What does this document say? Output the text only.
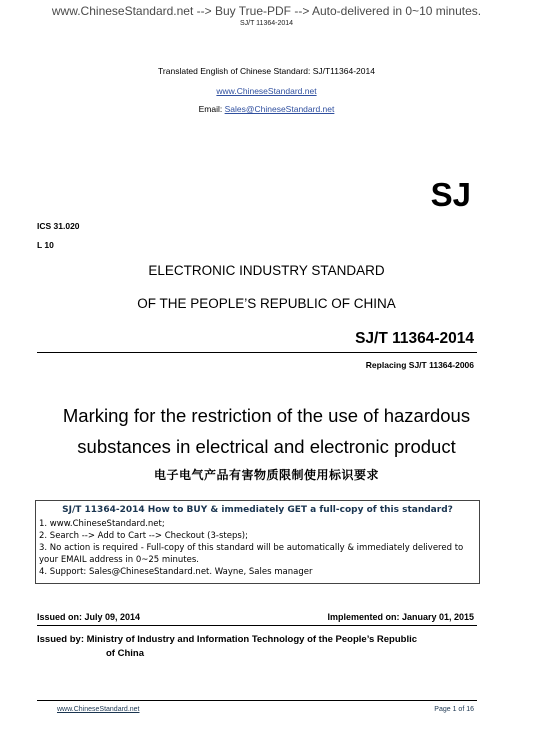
www.ChineseStandard.net --> Buy True-PDF --> Auto-delivered in 0~10 minutes.
SJ/T 11364-2014
Translated English of Chinese Standard: SJ/T11364-2014
www.ChineseStandard.net
Email: Sales@ChineseStandard.net
SJ
ICS 31.020
L 10
ELECTRONIC INDUSTRY STANDARD
OF THE PEOPLE’S REPUBLIC OF CHINA
SJ/T 11364-2014
Replacing SJ/T 11364-2006
Marking for the restriction of the use of hazardous
substances in electrical and electronic product
电子电气产品有害物质限制使用标识要求
SJ/T 11364-2014 How to BUY & immediately GET a full-copy of this standard?
1. www.ChineseStandard.net;
2. Search --> Add to Cart --> Checkout (3-steps);
3. No action is required - Full-copy of this standard will be automatically & immediately delivered to
your EMAIL address in 0~25 minutes.
4. Support: Sales@ChineseStandard.net. Wayne, Sales manager
Issued on: July 09, 2014	Implemented on: January 01, 2015
Issued by: Ministry of Industry and Information Technology of the People’s Republic
of China
www.ChineseStandard.net	Page 1 of 16
